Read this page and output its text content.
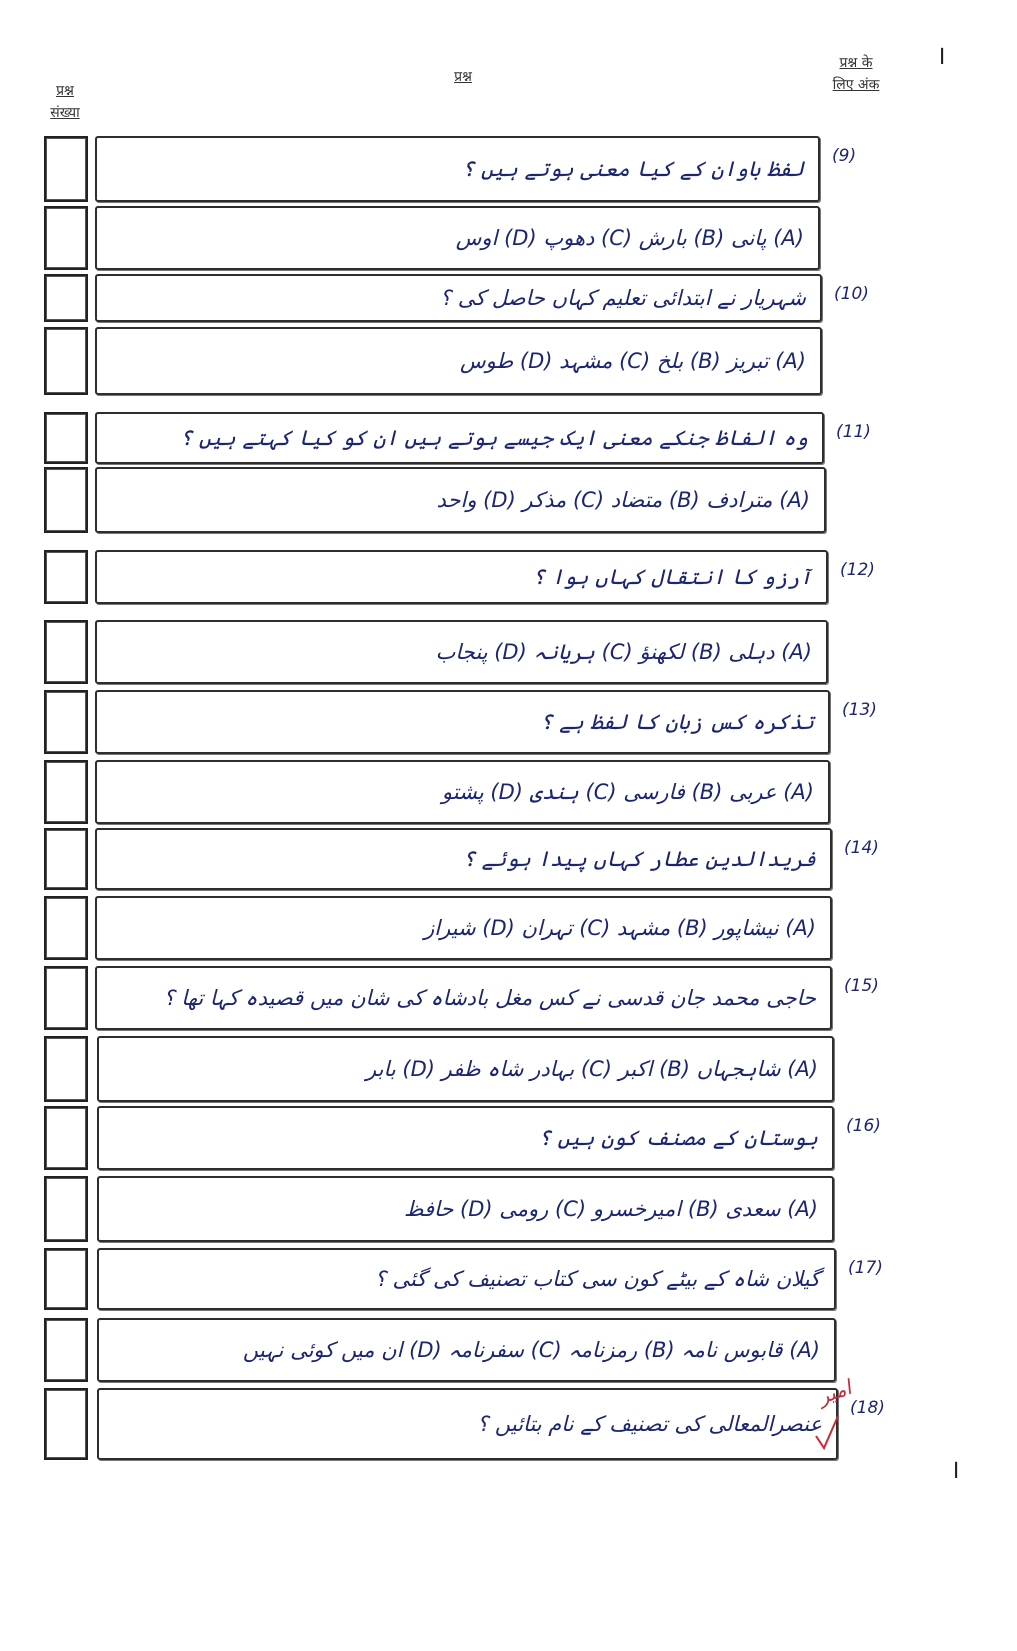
।
।
प्रश्न
संख्या
प्रश्न
प्रश्न के
लिए अंक
لفظ باوان کے کیا معنی ہوتے ہیں ؟
(9)
(A) پانی (B) بارش (C) دھوپ (D) اوس
شہریار نے ابتدائی تعلیم کہاں حاصل کی ؟ (10)
(A) تبریز (B) بلخ (C) مشہد (D) طوس
وہ الفاظ جنکے معنی ایک جیسے ہوتے ہیں ان کو کیا کہتے ہیں ؟ (11)
(A) مترادف (B) متضاد (C) مذکر (D) واحد
آرزو کا انتقال کہاں ہوا ؟ (12)
(A) دہلی (B) لکھنؤ (C) ہریانہ (D) پنجاب
تذکرہ کس زبان کا لفظ ہے ؟ (13)
(A) عربی (B) فارسی (C) ہندی (D) پشتو
فریدالدین عطار کہاں پیدا ہوئے ؟ (14)
(A) نیشاپور (B) مشہد (C) تہران (D) شیراز
حاجی محمد جان قدسی نے کس مغل بادشاہ کی شان میں قصیدہ کہا تھا ؟ (15)
(A) شاہجہاں (B) اکبر (C) بہادر شاہ ظفر (D) بابر
بوستان کے مصنف کون ہیں ؟ (16)
(A) سعدی (B) امیرخسرو (C) رومی (D) حافظ
گیلان شاہ کے بیٹے کون سی کتاب تصنیف کی گئی ؟ (17)
(A) قابوس نامہ (B) رمزنامہ (C) سفرنامہ (D) ان میں کوئی نہیں
عنصرالمعالی کی تصنیف کے نام بتائیں ؟
(18)
امیر
